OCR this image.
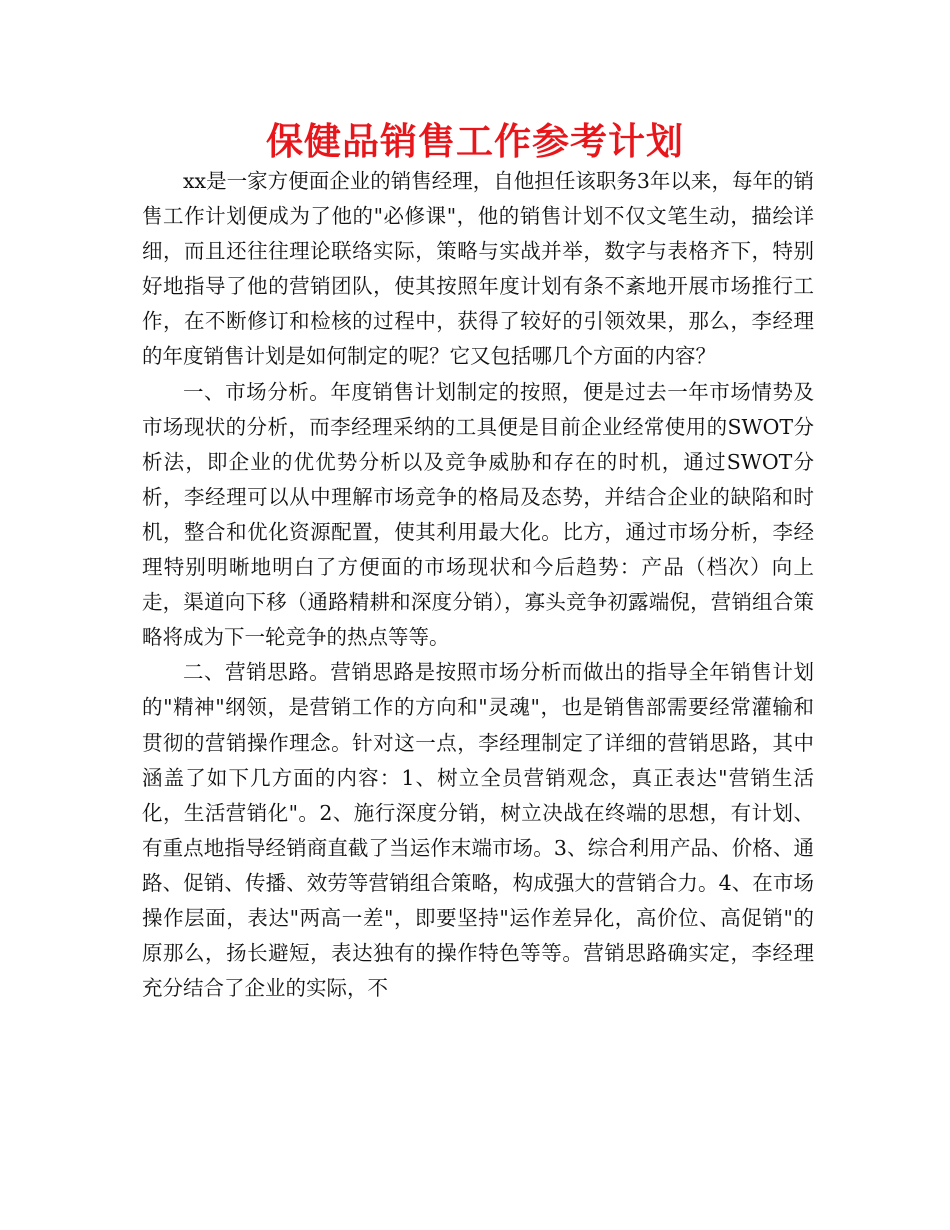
保健品销售工作参考计划

xx是一家方便面企业的销售经理，自他担任该职务3年以来，每年的销售工作计划便成为了他的"必修课"，他的销售计划不仅文笔生动，描绘详细，而且还往往理论联络实际，策略与实战并举，数字与表格齐下，特别好地指导了他的营销团队，使其按照年度计划有条不紊地开展市场推行工作，在不断修订和检核的过程中，获得了较好的引领效果，那么，李经理的年度销售计划是如何制定的呢？它又包括哪几个方面的内容？

一、市场分析。年度销售计划制定的按照，便是过去一年市场情势及市场现状的分析，而李经理采纳的工具便是目前企业经常使用的SWOT分析法，即企业的优优势分析以及竞争威胁和存在的时机，通过SWOT分析，李经理可以从中理解市场竞争的格局及态势，并结合企业的缺陷和时机，整合和优化资源配置，使其利用最大化。比方，通过市场分析，李经理特别明晰地明白了方便面的市场现状和今后趋势：产品（档次）向上走，渠道向下移（通路精耕和深度分销），寡头竞争初露端倪，营销组合策略将成为下一轮竞争的热点等等。

二、营销思路。营销思路是按照市场分析而做出的指导全年销售计划的"精神"纲领，是营销工作的方向和"灵魂"，也是销售部需要经常灌输和贯彻的营销操作理念。针对这一点，李经理制定了详细的营销思路，其中涵盖了如下几方面的内容：1、树立全员营销观念，真正表达"营销生活化，生活营销化"。2、施行深度分销，树立决战在终端的思想，有计划、有重点地指导经销商直截了当运作末端市场。3、综合利用产品、价格、通路、促销、传播、效劳等营销组合策略，构成强大的营销合力。4、在市场操作层面，表达"两高一差"，即要坚持"运作差异化，高价位、高促销"的原那么，扬长避短，表达独有的操作特色等等。营销思路确实定，李经理充分结合了企业的实际，不
